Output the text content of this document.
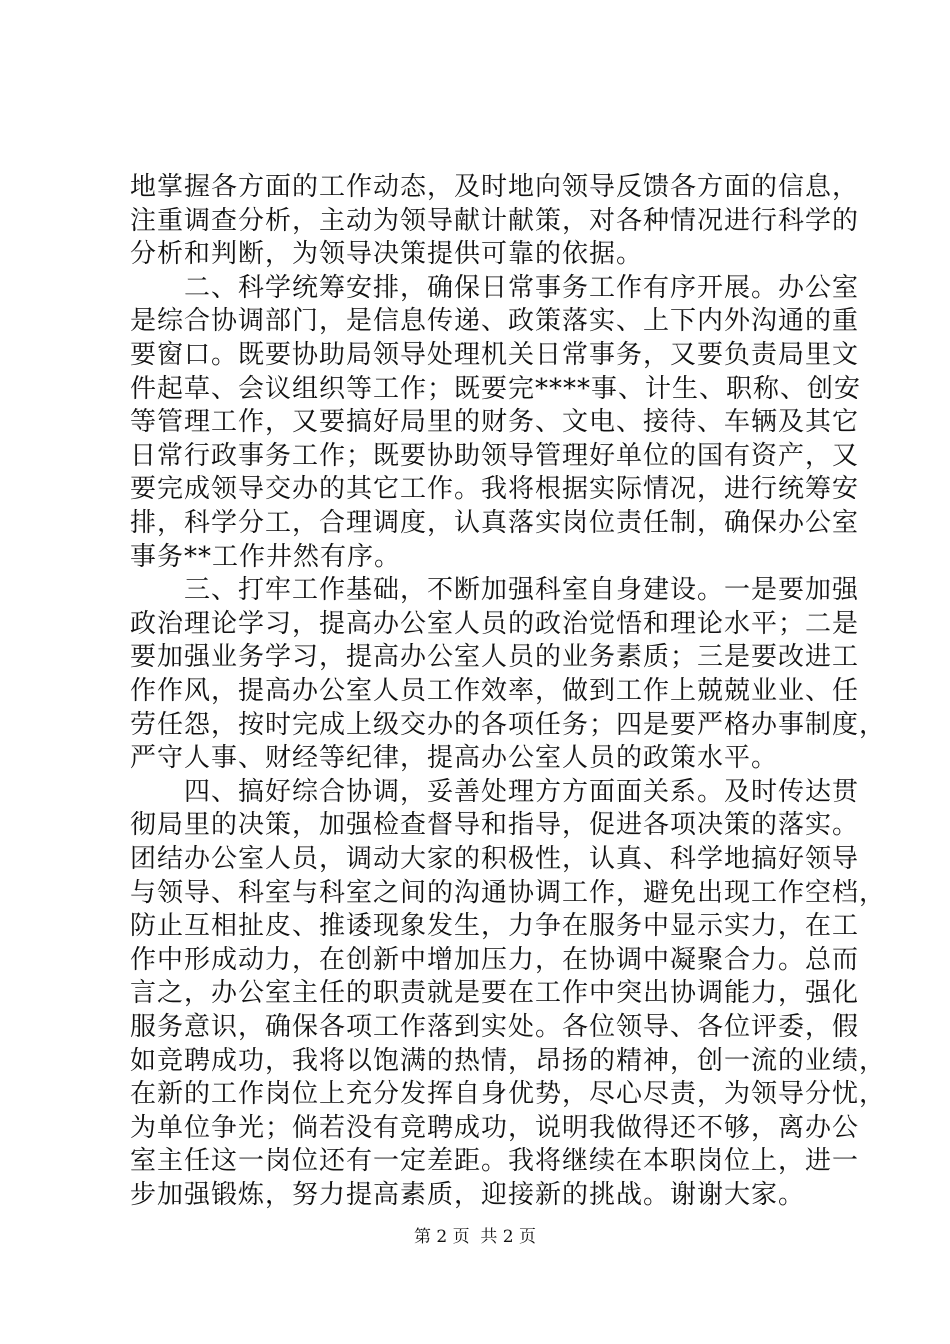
地掌握各方面的工作动态，及时地向领导反馈各方面的信息，
注重调查分析，主动为领导献计献策，对各种情况进行科学的
分析和判断，为领导决策提供可靠的依据。
　　二、科学统筹安排，确保日常事务工作有序开展。办公室
是综合协调部门，是信息传递、政策落实、上下内外沟通的重
要窗口。既要协助局领导处理机关日常事务，又要负责局里文
件起草、会议组织等工作；既要完****事、计生、职称、创安
等管理工作，又要搞好局里的财务、文电、接待、车辆及其它
日常行政事务工作；既要协助领导管理好单位的国有资产，又
要完成领导交办的其它工作。我将根据实际情况，进行统筹安
排，科学分工，合理调度，认真落实岗位责任制，确保办公室
事务**工作井然有序。
　　三、打牢工作基础，不断加强科室自身建设。一是要加强
政治理论学习，提高办公室人员的政治觉悟和理论水平；二是
要加强业务学习，提高办公室人员的业务素质；三是要改进工
作作风，提高办公室人员工作效率，做到工作上兢兢业业、任
劳任怨，按时完成上级交办的各项任务；四是要严格办事制度，
严守人事、财经等纪律，提高办公室人员的政策水平。
　　四、搞好综合协调，妥善处理方方面面关系。及时传达贯
彻局里的决策，加强检查督导和指导，促进各项决策的落实。
团结办公室人员，调动大家的积极性，认真、科学地搞好领导
与领导、科室与科室之间的沟通协调工作，避免出现工作空档，
防止互相扯皮、推诿现象发生，力争在服务中显示实力，在工
作中形成动力，在创新中增加压力，在协调中凝聚合力。总而
言之，办公室主任的职责就是要在工作中突出协调能力，强化
服务意识，确保各项工作落到实处。各位领导、各位评委，假
如竞聘成功，我将以饱满的热情，昂扬的精神，创一流的业绩，
在新的工作岗位上充分发挥自身优势，尽心尽责，为领导分忧，
为单位争光；倘若没有竞聘成功，说明我做得还不够，离办公
第 2 页  共 2 页
室主任这一岗位还有一定差距。我将继续在本职岗位上，进一
步加强锻炼，努力提高素质，迎接新的挑战。谢谢大家。
